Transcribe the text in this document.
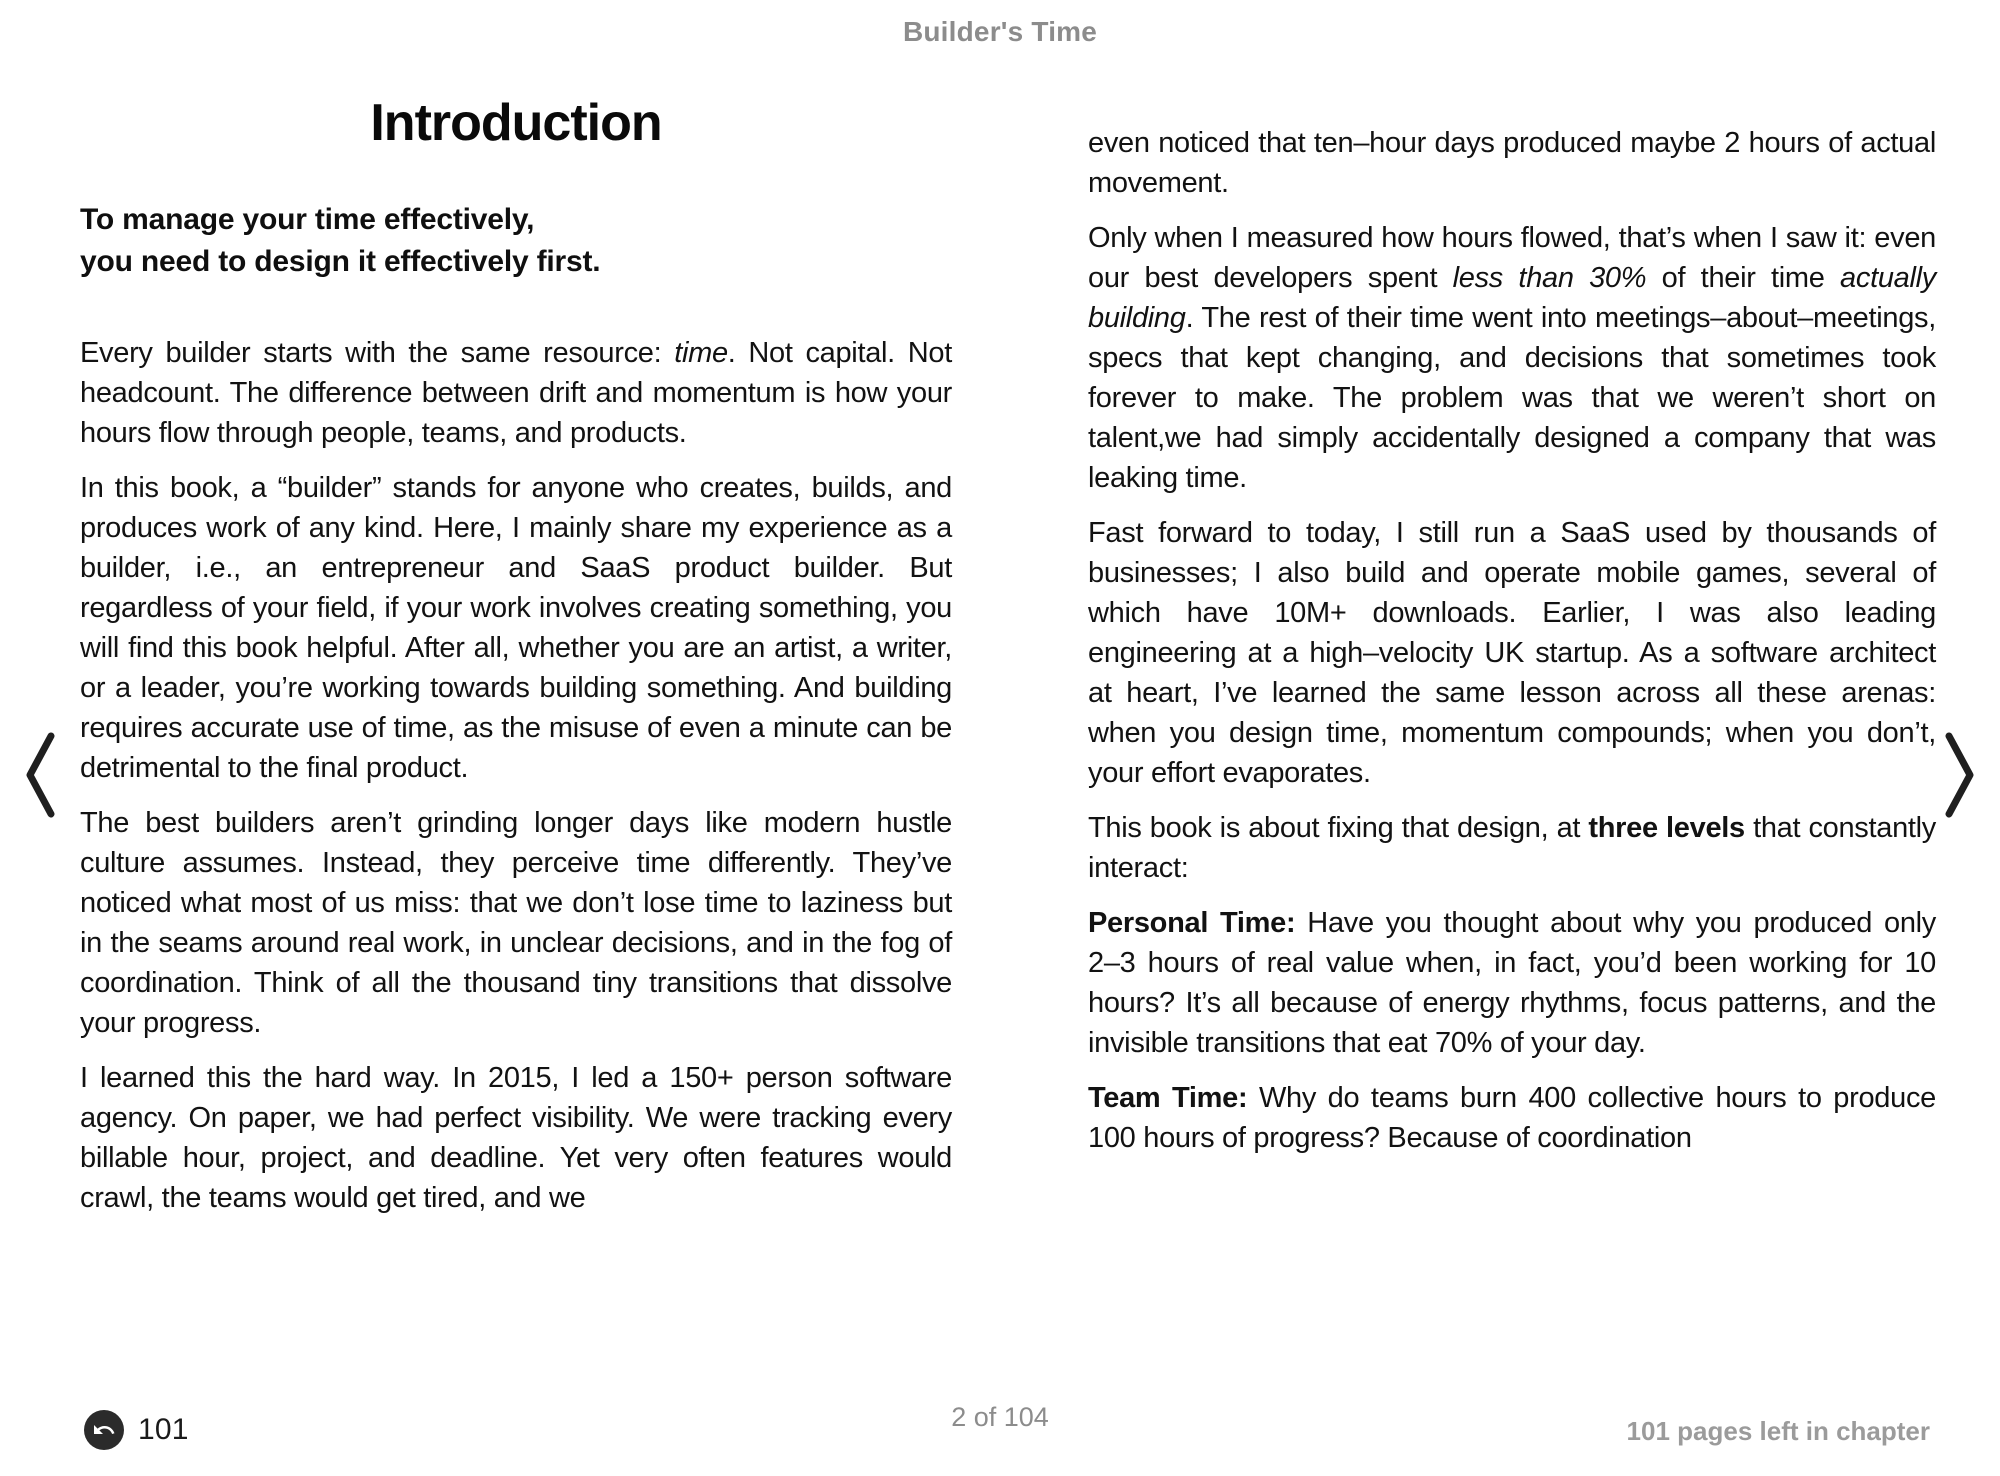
Builder's Time
Introduction
To manage your time effectively,
you need to design it effectively first.

Every builder starts with the same resource: time. Not capital. Not headcount. The difference between drift and momentum is how your hours flow through people, teams, and products.

In this book, a “builder” stands for anyone who creates, builds, and produces work of any kind. Here, I mainly share my experience as a builder, i.e., an entrepreneur and SaaS product builder. But regardless of your field, if your work involves creating something, you will find this book helpful. After all, whether you are an artist, a writer, or a leader, you’re working towards building something. And building requires accurate use of time, as the misuse of even a minute can be detrimental to the final product.

The best builders aren’t grinding longer days like modern hustle culture assumes. Instead, they perceive time differently. They’ve noticed what most of us miss: that we don’t lose time to laziness but in the seams around real work, in unclear decisions, and in the fog of coordination. Think of all the thousand tiny transitions that dissolve your progress.

I learned this the hard way. In 2015, I led a 150+ person software agency. On paper, we had perfect visibility. We were tracking every billable hour, project, and deadline. Yet very often features would crawl, the teams would get tired, and we

even noticed that ten–hour days produced maybe 2 hours of actual movement.

Only when I measured how hours flowed, that’s when I saw it: even our best developers spent less than 30% of their time actually building. The rest of their time went into meetings–about–meetings, specs that kept changing, and decisions that sometimes took forever to make. The problem was that we weren’t short on talent,we had simply accidentally designed a company that was leaking time.

Fast forward to today, I still run a SaaS used by thousands of businesses; I also build and operate mobile games, several of which have 10M+ downloads. Earlier, I was also leading engineering at a high–velocity UK startup. As a software architect at heart, I’ve learned the same lesson across all these arenas: when you design time, momentum compounds; when you don’t, your effort evaporates.

This book is about fixing that design, at three levels that constantly interact:

Personal Time: Have you thought about why you produced only 2–3 hours of real value when, in fact, you’d been working for 10 hours? It’s all because of energy rhythms, focus patterns, and the invisible transitions that eat 70% of your day.

Team Time: Why do teams burn 400 collective hours to produce 100 hours of progress? Because of coordination

101	2 of 104	101 pages left in chapter
